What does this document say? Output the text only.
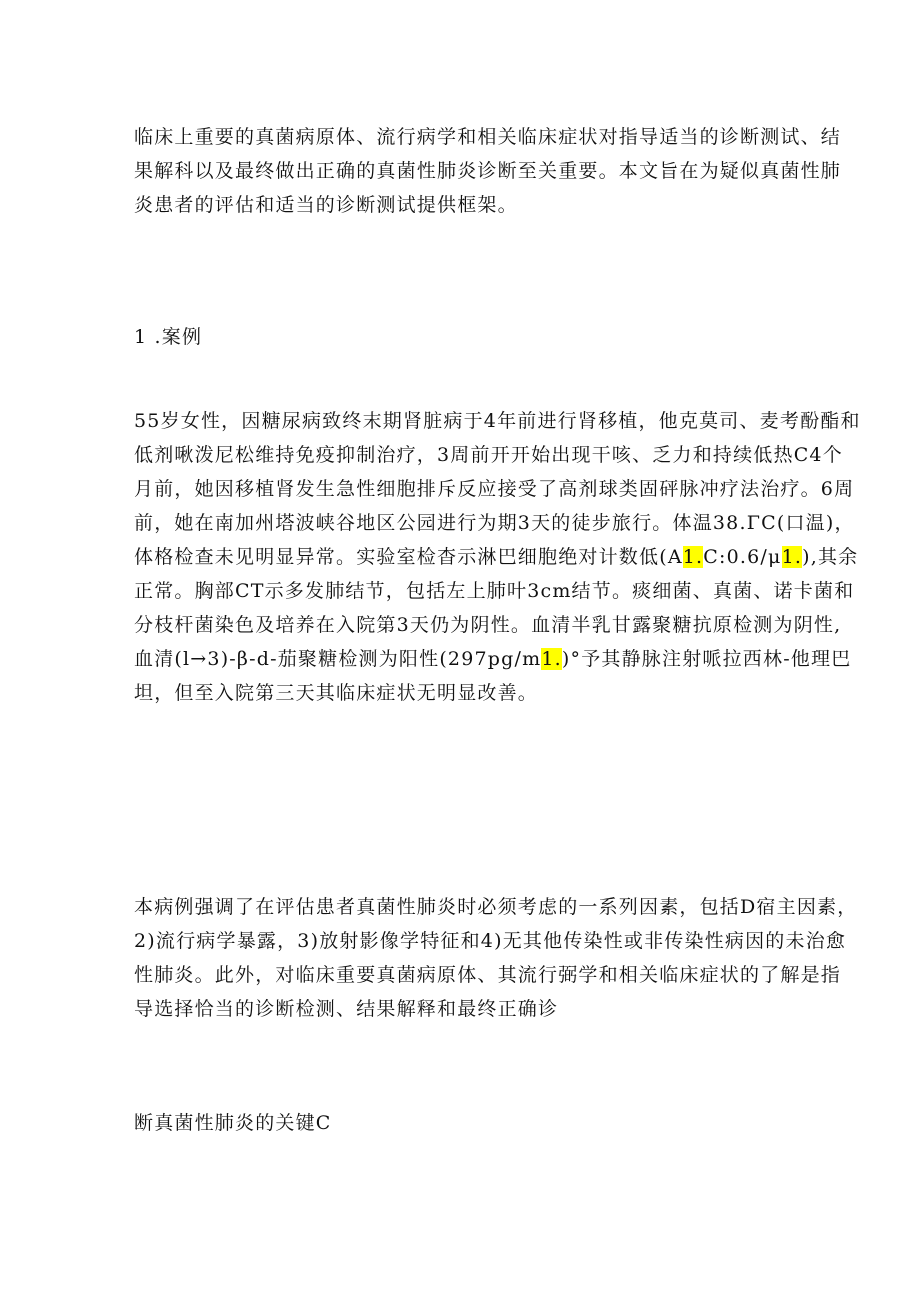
临床上重要的真菌病原体、流行病学和相关临床症状对指导适当的诊断测试、结
果解科以及最终做出正确的真菌性肺炎诊断至关重要。本文旨在为疑似真菌性肺
炎患者的评估和适当的诊断测试提供框架。
1 .案例
55岁女性，因糖尿病致终末期肾脏病于4年前进行肾移植，他克莫司、麦考酚酯和
低剂啾泼尼松维持免疫抑制治疗，3周前开开始出现干咳、乏力和持续低热C4个
月前，她因移植肾发生急性细胞排斥反应接受了高剂球类固砰脉冲疗法治疗。6周
前，她在南加州塔波峡谷地区公园进行为期3天的徒步旅行。体温38.ΓC(口温)，
体格检查未见明显异常。实验室检杳示淋巴细胞绝对计数低(A1.C:0.6∕μ1.),其余
正常。胸部CT示多发肺结节，包括左上肺叶3cm结节。痰细菌、真菌、诺卡菌和
分枝杆菌染色及培养在入院第3天仍为阴性。血清半乳甘露聚糖抗原检测为阴性,
血清(l→3)-β-d-茄聚糖检测为阳性(297pg∕m1.)°予其静脉注射哌拉西林-他理巴
坦，但至入院第三天其临床症状无明显改善。
本病例强调了在评估患者真菌性肺炎时必须考虑的一系列因素，包括D宿主因素，
2)流行病学暴露，3)放射影像学特征和4)无其他传染性或非传染性病因的未治愈
性肺炎。此外，对临床重要真菌病原体、其流行弼学和相关临床症状的了解是指
导选择恰当的诊断检测、结果解释和最终正确诊
断真菌性肺炎的关键C
